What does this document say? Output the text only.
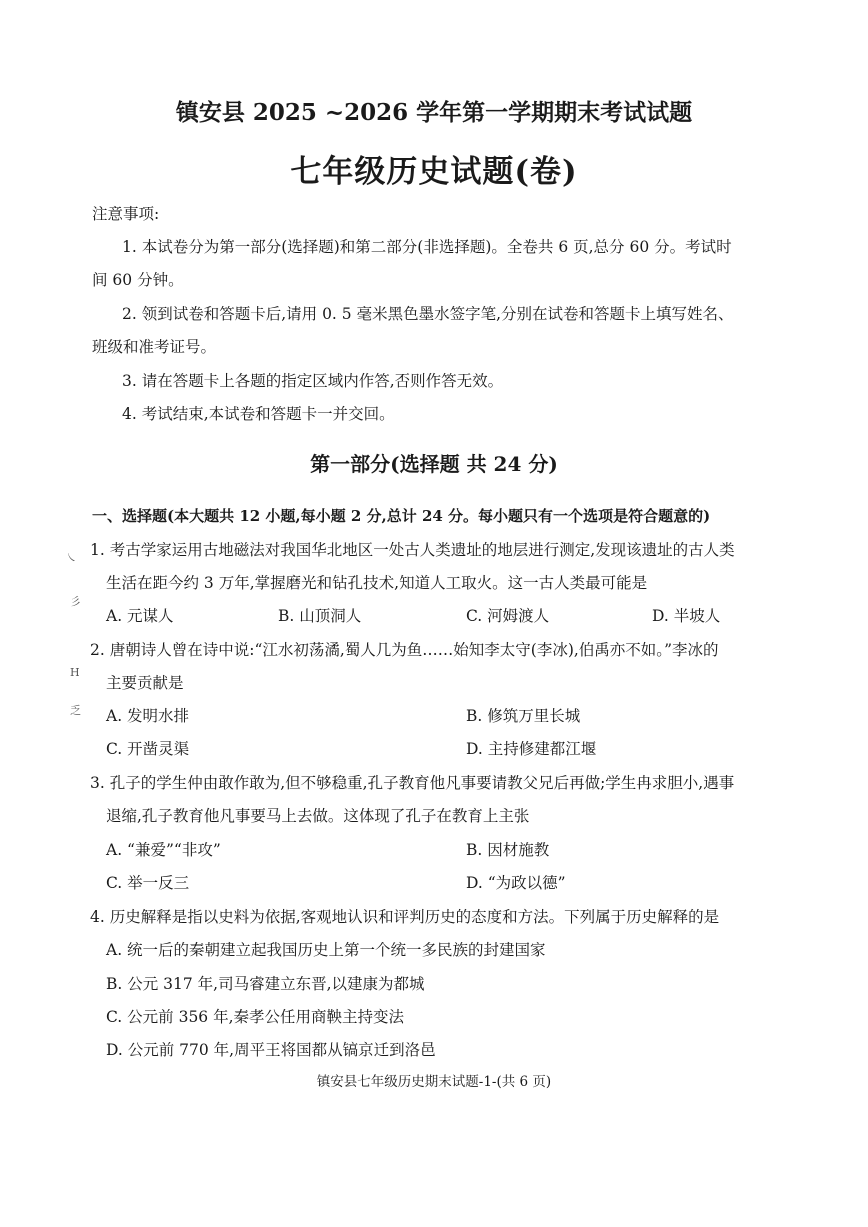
镇安县 2025 ~2026 学年第一学期期末考试试题
七年级历史试题(卷)
注意事项:
1. 本试卷分为第一部分(选择题)和第二部分(非选择题)。全卷共 6 页,总分 60 分。考试时
间 60 分钟。
2. 领到试卷和答题卡后,请用 0. 5 毫米黑色墨水签字笔,分别在试卷和答题卡上填写姓名、
班级和准考证号。
3. 请在答题卡上各题的指定区域内作答,否则作答无效。
4. 考试结束,本试卷和答题卡一并交回。
第一部分(选择题 共 24 分)
一、选择题(本大题共 12 小题,每小题 2 分,总计 24 分。每小题只有一个选项是符合题意的)
1. 考古学家运用古地磁法对我国华北地区一处古人类遗址的地层进行测定,发现该遗址的古人类
生活在距今约 3 万年,掌握磨光和钻孔技术,知道人工取火。这一古人类最可能是
A. 元谋人	B. 山顶洞人	C. 河姆渡人	D. 半坡人
2. 唐朝诗人曾在诗中说:“江水初荡潏,蜀人几为鱼……始知李太守(李冰),伯禹亦不如。”李冰的
主要贡献是
A. 发明水排	B. 修筑万里长城
C. 开凿灵渠	D. 主持修建都江堰
3. 孔子的学生仲由敢作敢为,但不够稳重,孔子教育他凡事要请教父兄后再做;学生冉求胆小,遇事
退缩,孔子教育他凡事要马上去做。这体现了孔子在教育上主张
A. “兼爱”“非攻”	B. 因材施教
C. 举一反三	D. “为政以德”
4. 历史解释是指以史料为依据,客观地认识和评判历史的态度和方法。下列属于历史解释的是
A. 统一后的秦朝建立起我国历史上第一个统一多民族的封建国家
B. 公元 317 年,司马睿建立东晋,以建康为都城
C. 公元前 356 年,秦孝公任用商鞅主持变法
D. 公元前 770 年,周平王将国都从镐京迁到洛邑
镇安县七年级历史期末试题-1-(共 6 页)
㇏
彡
H
乏
